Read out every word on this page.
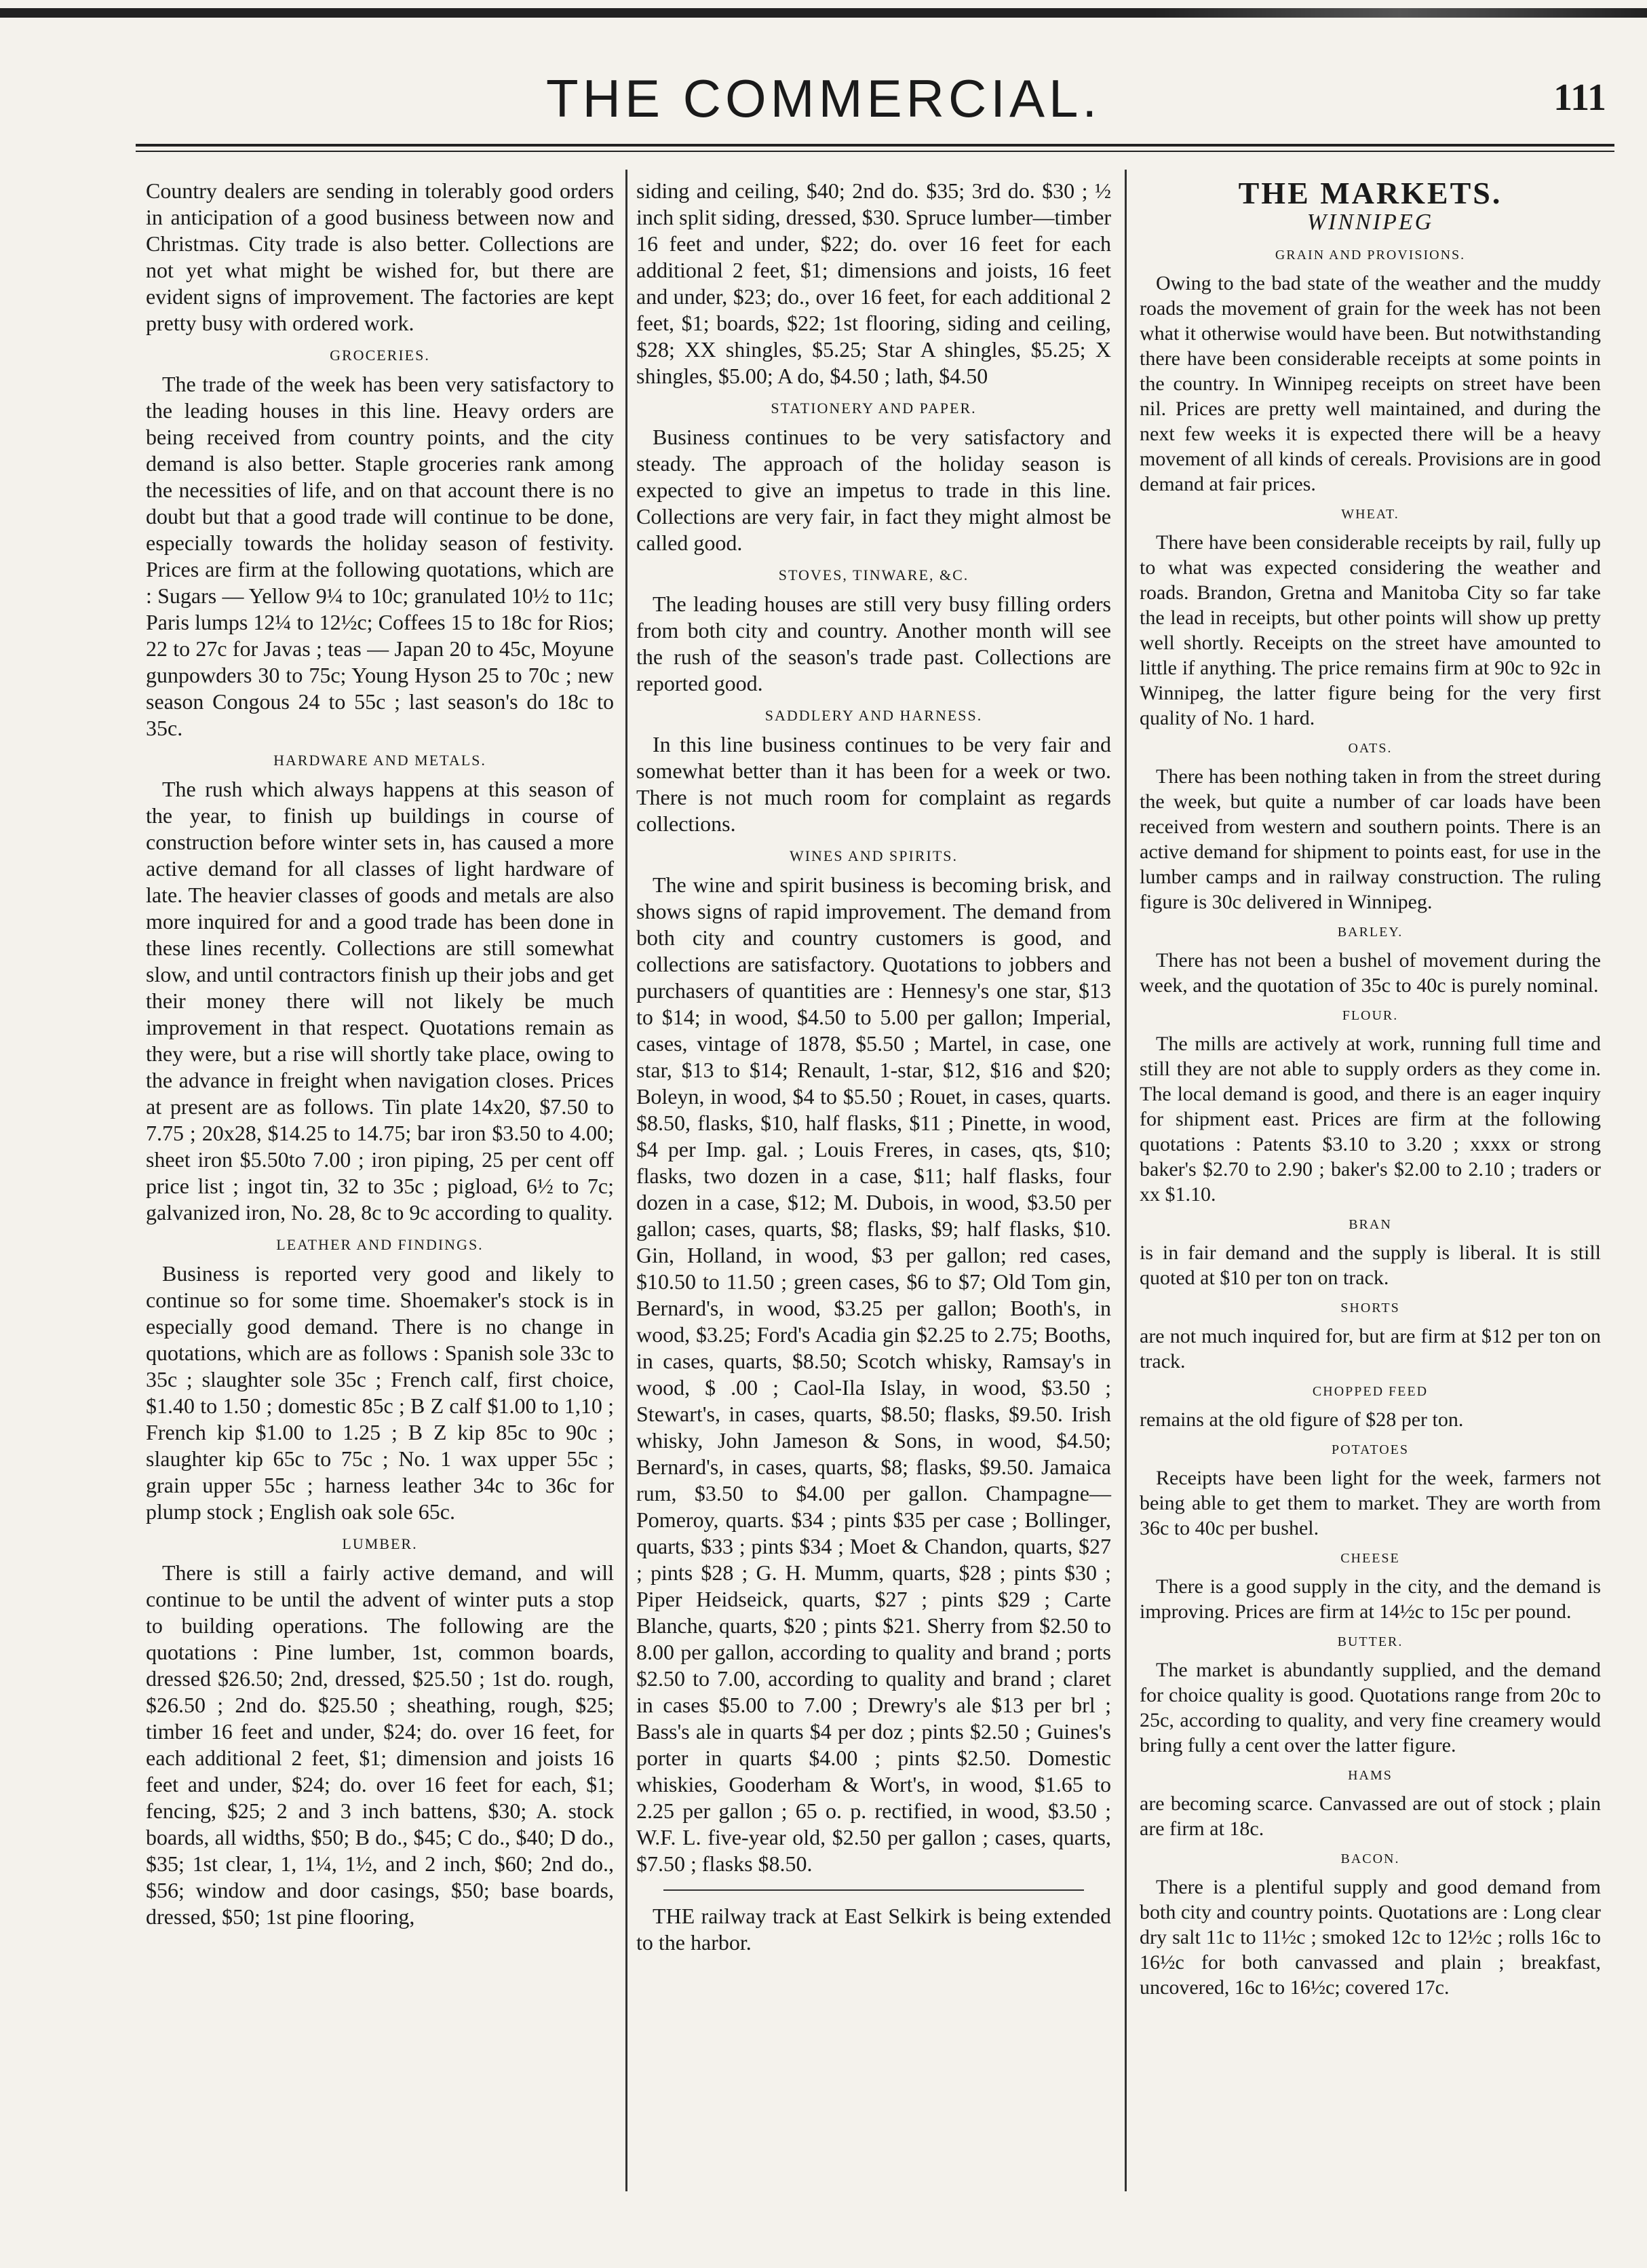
THE COMMERCIAL.	111

Country dealers are sending in tolerably good orders in anticipation of a good business between now and Christmas. City trade is also better. Collections are not yet what might be wished for, but there are evident signs of improvement. The factories are kept pretty busy with ordered work.

GROCERIES.

The trade of the week has been very satisfactory to the leading houses in this line. Heavy orders are being received from country points, and the city demand is also better. Staple groceries rank among the necessities of life, and on that account there is no doubt but that a good trade will continue to be done, especially towards the holiday season of festivity. Prices are firm at the following quotations, which are : Sugars — Yellow 9¼ to 10c; granulated 10½ to 11c; Paris lumps 12¼ to 12½c; Coffees 15 to 18c for Rios; 22 to 27c for Javas ; teas — Japan 20 to 45c, Moyune gunpowders 30 to 75c; Young Hyson 25 to 70c ; new season Congous 24 to 55c ; last season's do 18c to 35c.

HARDWARE AND METALS.

The rush which always happens at this season of the year, to finish up buildings in course of construction before winter sets in, has caused a more active demand for all classes of light hardware of late. The heavier classes of goods and metals are also more inquired for and a good trade has been done in these lines recently. Collections are still somewhat slow, and until contractors finish up their jobs and get their money there will not likely be much improvement in that respect. Quotations remain as they were, but a rise will shortly take place, owing to the advance in freight when navigation closes. Prices at present are as follows. Tin plate 14x20, $7.50 to 7.75 ; 20x28, $14.25 to 14.75; bar iron $3.50 to 4.00; sheet iron $5.50to 7.00 ; iron piping, 25 per cent off price list ; ingot tin, 32 to 35c ; pigload, 6½ to 7c; galvanized iron, No. 28, 8c to 9c according to quality.

LEATHER AND FINDINGS.

Business is reported very good and likely to continue so for some time. Shoemaker's stock is in especially good demand. There is no change in quotations, which are as follows : Spanish sole 33c to 35c ; slaughter sole 35c ; French calf, first choice, $1.40 to 1.50 ; domestic 85c ; B Z calf $1.00 to 1,10 ; French kip $1.00 to 1.25 ; B Z kip 85c to 90c ; slaughter kip 65c to 75c ; No. 1 wax upper 55c ; grain upper 55c ; harness leather 34c to 36c for plump stock ; English oak sole 65c.

LUMBER.

There is still a fairly active demand, and will continue to be until the advent of winter puts a stop to building operations. The following are the quotations : Pine lumber, 1st, common boards, dressed $26.50; 2nd, dressed, $25.50 ; 1st do. rough, $26.50 ; 2nd do. $25.50 ; sheathing, rough, $25; timber 16 feet and under, $24; do. over 16 feet, for each additional 2 feet, $1; dimension and joists 16 feet and under, $24; do. over 16 feet for each, $1; fencing, $25; 2 and 3 inch battens, $30; A. stock boards, all widths, $50; B do., $45; C do., $40; D do., $35; 1st clear, 1, 1¼, 1½, and 2 inch, $60; 2nd do., $56; window and door casings, $50; base boards, dressed, $50; 1st pine flooring,

siding and ceiling, $40; 2nd do. $35; 3rd do. $30 ; ½ inch split siding, dressed, $30. Spruce lumber—timber 16 feet and under, $22; do. over 16 feet for each additional 2 feet, $1; dimensions and joists, 16 feet and under, $23; do., over 16 feet, for each additional 2 feet, $1; boards, $22; 1st flooring, siding and ceiling, $28; XX shingles, $5.25; Star A shingles, $5.25; X shingles, $5.00; A do, $4.50 ; lath, $4.50

STATIONERY AND PAPER.

Business continues to be very satisfactory and steady. The approach of the holiday season is expected to give an impetus to trade in this line. Collections are very fair, in fact they might almost be called good.

STOVES, TINWARE, &C.

The leading houses are still very busy filling orders from both city and country. Another month will see the rush of the season's trade past. Collections are reported good.

SADDLERY AND HARNESS.

In this line business continues to be very fair and somewhat better than it has been for a week or two. There is not much room for complaint as regards collections.

WINES AND SPIRITS.

The wine and spirit business is becoming brisk, and shows signs of rapid improvement. The demand from both city and country customers is good, and collections are satisfactory. Quotations to jobbers and purchasers of quantities are : Hennesy's one star, $13 to $14; in wood, $4.50 to 5.00 per gallon; Imperial, cases, vintage of 1878, $5.50 ; Martel, in case, one star, $13 to $14; Renault, 1-star, $12, $16 and $20; Boleyn, in wood, $4 to $5.50 ; Rouet, in cases, quarts. $8.50, flasks, $10, half flasks, $11 ; Pinette, in wood, $4 per Imp. gal. ; Louis Freres, in cases, qts, $10; flasks, two dozen in a case, $11; half flasks, four dozen in a case, $12; M. Dubois, in wood, $3.50 per gallon; cases, quarts, $8; flasks, $9; half flasks, $10. Gin, Holland, in wood, $3 per gallon; red cases, $10.50 to 11.50 ; green cases, $6 to $7; Old Tom gin, Bernard's, in wood, $3.25 per gallon; Booth's, in wood, $3.25; Ford's Acadia gin $2.25 to 2.75; Booths, in cases, quarts, $8.50; Scotch whisky, Ramsay's in wood, $ .00 ; Caol-Ila Islay, in wood, $3.50 ; Stewart's, in cases, quarts, $8.50; flasks, $9.50. Irish whisky, John Jameson & Sons, in wood, $4.50; Bernard's, in cases, quarts, $8; flasks, $9.50. Jamaica rum, $3.50 to $4.00 per gallon. Champagne—Pomeroy, quarts. $34 ; pints $35 per case ; Bollinger, quarts, $33 ; pints $34 ; Moet & Chandon, quarts, $27 ; pints $28 ; G. H. Mumm, quarts, $28 ; pints $30 ; Piper Heidseick, quarts, $27 ; pints $29 ; Carte Blanche, quarts, $20 ; pints $21. Sherry from $2.50 to 8.00 per gallon, according to quality and brand ; ports $2.50 to 7.00, according to quality and brand ; claret in cases $5.00 to 7.00 ; Drewry's ale $13 per brl ; Bass's ale in quarts $4 per doz ; pints $2.50 ; Guines's porter in quarts $4.00 ; pints $2.50. Domestic whiskies, Gooderham & Wort's, in wood, $1.65 to 2.25 per gallon ; 65 o. p. rectified, in wood, $3.50 ; W.F. L. five-year old, $2.50 per gallon ; cases, quarts, $7.50 ; flasks $8.50.

THE railway track at East Selkirk is being extended to the harbor.

THE MARKETS.
WINNIPEG
GRAIN AND PROVISIONS.

Owing to the bad state of the weather and the muddy roads the movement of grain for the week has not been what it otherwise would have been. But notwithstanding there have been considerable receipts at some points in the country. In Winnipeg receipts on street have been nil. Prices are pretty well maintained, and during the next few weeks it is expected there will be a heavy movement of all kinds of cereals. Provisions are in good demand at fair prices.

WHEAT.

There have been considerable receipts by rail, fully up to what was expected considering the weather and roads. Brandon, Gretna and Manitoba City so far take the lead in receipts, but other points will show up pretty well shortly. Receipts on the street have amounted to little if anything. The price remains firm at 90c to 92c in Winnipeg, the latter figure being for the very first quality of No. 1 hard.

OATS.

There has been nothing taken in from the street during the week, but quite a number of car loads have been received from western and southern points. There is an active demand for shipment to points east, for use in the lumber camps and in railway construction. The ruling figure is 30c delivered in Winnipeg.

BARLEY.

There has not been a bushel of movement during the week, and the quotation of 35c to 40c is purely nominal.

FLOUR.

The mills are actively at work, running full time and still they are not able to supply orders as they come in. The local demand is good, and there is an eager inquiry for shipment east. Prices are firm at the following quotations : Patents $3.10 to 3.20 ; xxxx or strong baker's $2.70 to 2.90 ; baker's $2.00 to 2.10 ; traders or xx $1.10.

BRAN

is in fair demand and the supply is liberal. It is still quoted at $10 per ton on track.

SHORTS

are not much inquired for, but are firm at $12 per ton on track.

CHOPPED FEED

remains at the old figure of $28 per ton.

POTATOES

Receipts have been light for the week, farmers not being able to get them to market. They are worth from 36c to 40c per bushel.

CHEESE

There is a good supply in the city, and the demand is improving. Prices are firm at 14½c to 15c per pound.

BUTTER.

The market is abundantly supplied, and the demand for choice quality is good. Quotations range from 20c to 25c, according to quality, and very fine creamery would bring fully a cent over the latter figure.

HAMS

are becoming scarce. Canvassed are out of stock ; plain are firm at 18c.

BACON.

There is a plentiful supply and good demand from both city and country points. Quotations are : Long clear dry salt 11c to 11½c ; smoked 12c to 12½c ; rolls 16c to 16½c for both canvassed and plain ; breakfast, uncovered, 16c to 16½c; covered 17c.
